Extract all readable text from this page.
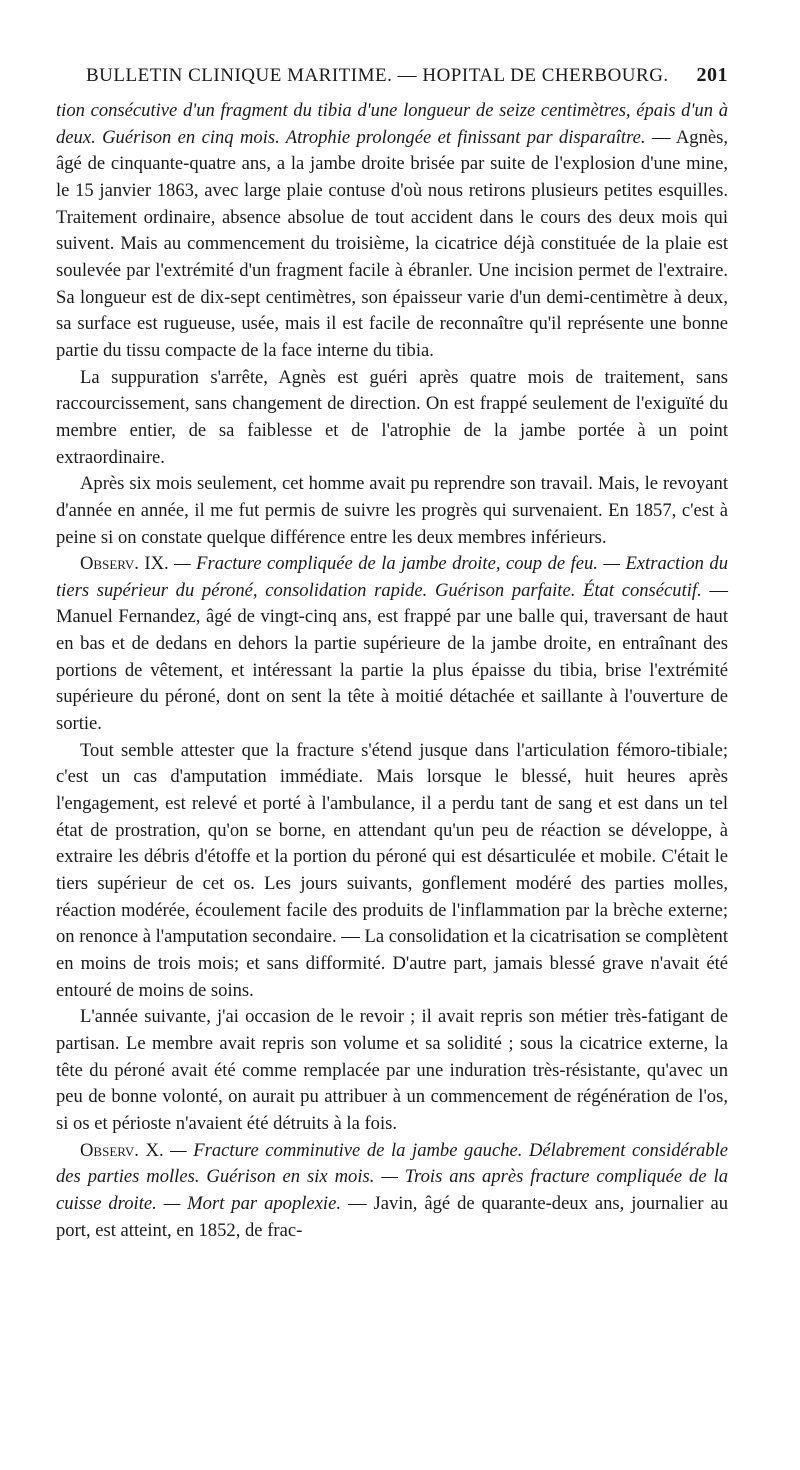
BULLETIN CLINIQUE MARITIME. — HOPITAL DE CHERBOURG. 201

tion consécutive d'un fragment du tibia d'une longueur de seize centimètres, épais d'un à deux. Guérison en cinq mois. Atrophie prolongée et finissant par disparaître. — Agnès, âgé de cinquante-quatre ans, a la jambe droite brisée par suite de l'explosion d'une mine, le 15 janvier 1863, avec large plaie contuse d'où nous retirons plusieurs petites esquilles. Traitement ordinaire, absence absolue de tout accident dans le cours des deux mois qui suivent. Mais au commencement du troisième, la cicatrice déjà constituée de la plaie est soulevée par l'extrémité d'un fragment facile à ébranler. Une incision permet de l'extraire. Sa longueur est de dix-sept centimètres, son épaisseur varie d'un demi-centimètre à deux, sa surface est rugueuse, usée, mais il est facile de reconnaître qu'il représente une bonne partie du tissu compacte de la face interne du tibia.

La suppuration s'arrête, Agnès est guéri après quatre mois de traitement, sans raccourcissement, sans changement de direction. On est frappé seulement de l'exiguïté du membre entier, de sa faiblesse et de l'atrophie de la jambe portée à un point extraordinaire.

Après six mois seulement, cet homme avait pu reprendre son travail. Mais, le revoyant d'année en année, il me fut permis de suivre les progrès qui survenaient. En 1857, c'est à peine si on constate quelque différence entre les deux membres inférieurs.

Observ. IX. — Fracture compliquée de la jambe droite, coup de feu. — Extraction du tiers supérieur du péroné, consolidation rapide. Guérison parfaite. État consécutif. — Manuel Fernandez, âgé de vingt-cinq ans, est frappé par une balle qui, traversant de haut en bas et de dedans en dehors la partie supérieure de la jambe droite, en entraînant des portions de vêtement, et intéressant la partie la plus épaisse du tibia, brise l'extrémité supérieure du péroné, dont on sent la tête à moitié détachée et saillante à l'ouverture de sortie.

Tout semble attester que la fracture s'étend jusque dans l'articulation fémoro-tibiale; c'est un cas d'amputation immédiate. Mais lorsque le blessé, huit heures après l'engagement, est relevé et porté à l'ambulance, il a perdu tant de sang et est dans un tel état de prostration, qu'on se borne, en attendant qu'un peu de réaction se développe, à extraire les débris d'étoffe et la portion du péroné qui est désarticulée et mobile. C'était le tiers supérieur de cet os. Les jours suivants, gonflement modéré des parties molles, réaction modérée, écoulement facile des produits de l'inflammation par la brèche externe; on renonce à l'amputation secondaire. — La consolidation et la cicatrisation se complètent en moins de trois mois; et sans difformité. D'autre part, jamais blessé grave n'avait été entouré de moins de soins.

L'année suivante, j'ai occasion de le revoir ; il avait repris son métier très-fatigant de partisan. Le membre avait repris son volume et sa solidité ; sous la cicatrice externe, la tête du péroné avait été comme remplacée par une induration très-résistante, qu'avec un peu de bonne volonté, on aurait pu attribuer à un commencement de régénération de l'os, si os et périoste n'avaient été détruits à la fois.

Observ. X. — Fracture comminutive de la jambe gauche. Délabrement considérable des parties molles. Guérison en six mois. — Trois ans après fracture compliquée de la cuisse droite. — Mort par apoplexie. — Javin, âgé de quarante-deux ans, journalier au port, est atteint, en 1852, de frac-
